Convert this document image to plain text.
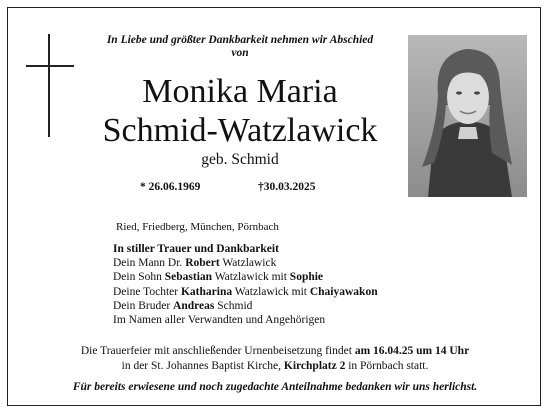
In Liebe und größter Dankbarkeit nehmen wir Abschied
von
Monika Maria
Schmid-Watzlawick
geb. Schmid
* 26.06.1969	†30.03.2025
Ried, Friedberg, München, Pörnbach
In stiller Trauer und Dankbarkeit
Dein Mann Dr. Robert Watzlawick
Dein Sohn Sebastian Watzlawick mit Sophie
Deine Tochter Katharina Watzlawick mit Chaiyawakon
Dein Bruder Andreas Schmid
Im Namen aller Verwandten und Angehörigen
Die Trauerfeier mit anschließender Urnenbeisetzung findet am 16.04.25 um 14 Uhr
in der St. Johannes Baptist Kirche, Kirchplatz 2 in Pörnbach statt.
Für bereits erwiesene und noch zugedachte Anteilnahme bedanken wir uns herlichst.
